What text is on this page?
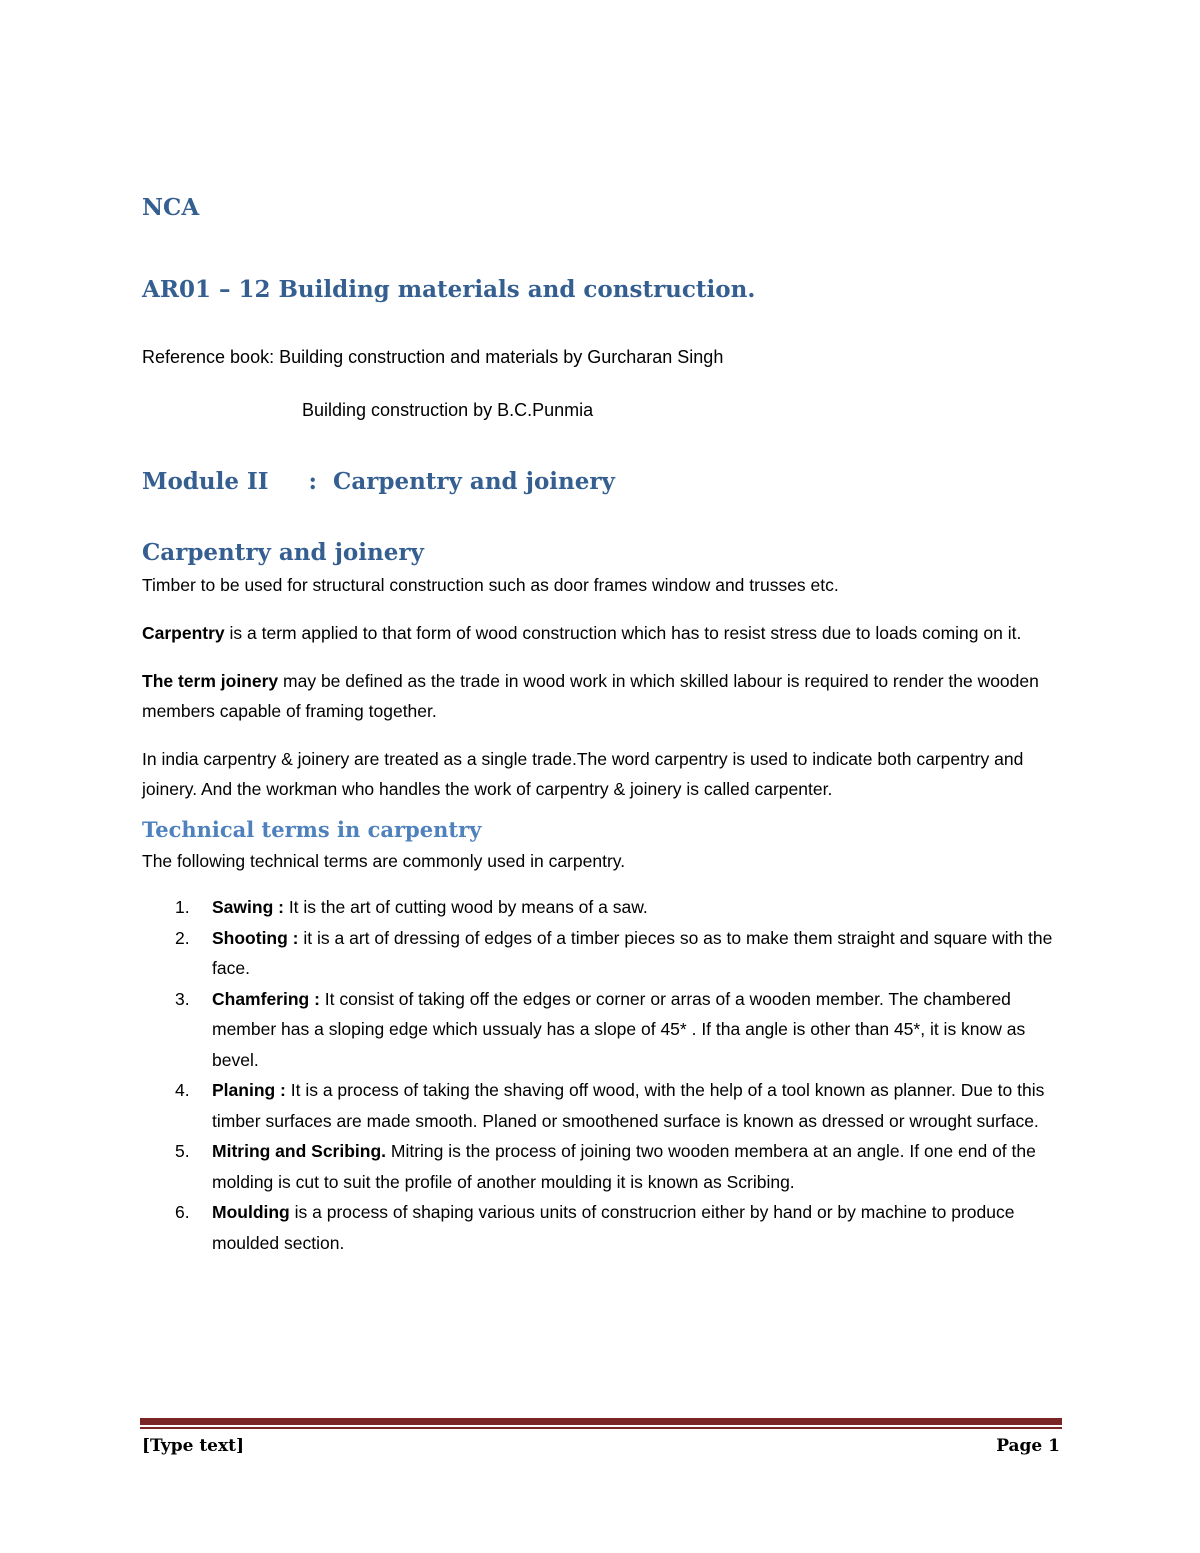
NCA
AR01 – 12 Building materials and construction.
Reference book: Building construction and materials by Gurcharan Singh
Building construction by B.C.Punmia
Module II     :  Carpentry and joinery
Carpentry and joinery

Timber to be used for structural construction such as door frames window and trusses etc.

Carpentry is a term applied to that form of wood construction which has to resist stress due to loads coming on it.

The term joinery may be defined as the trade in wood work in which skilled labour is required to render the wooden members capable of framing together.

In india carpentry & joinery are treated as a single trade.The word carpentry is used to indicate both carpentry and joinery. And the workman who handles the work of carpentry & joinery is called carpenter.

Technical terms in carpentry

The following technical terms are commonly used in carpentry.

1. Sawing : It is the art of cutting wood by means of a saw.
2. Shooting : it is a art of dressing of edges of a timber pieces so as to make them straight and square with the face.
3. Chamfering : It consist of taking off the edges or corner or arras of a wooden member. The chambered member has a sloping edge which ussualy has a slope of 45* . If tha angle is other than 45*, it is know as bevel.
4. Planing : It is a process of taking the shaving off wood, with the help of a tool known as planner. Due to this timber surfaces are made smooth. Planed or smoothened surface is known as dressed or wrought surface.
5. Mitring and Scribing. Mitring is the process of joining two wooden membera at an angle. If one end of the molding is cut to suit the profile of another moulding it is known as Scribing.
6. Moulding is a process of shaping various units of construcrion either by hand or by machine to produce moulded section.
[Type text]	Page 1
